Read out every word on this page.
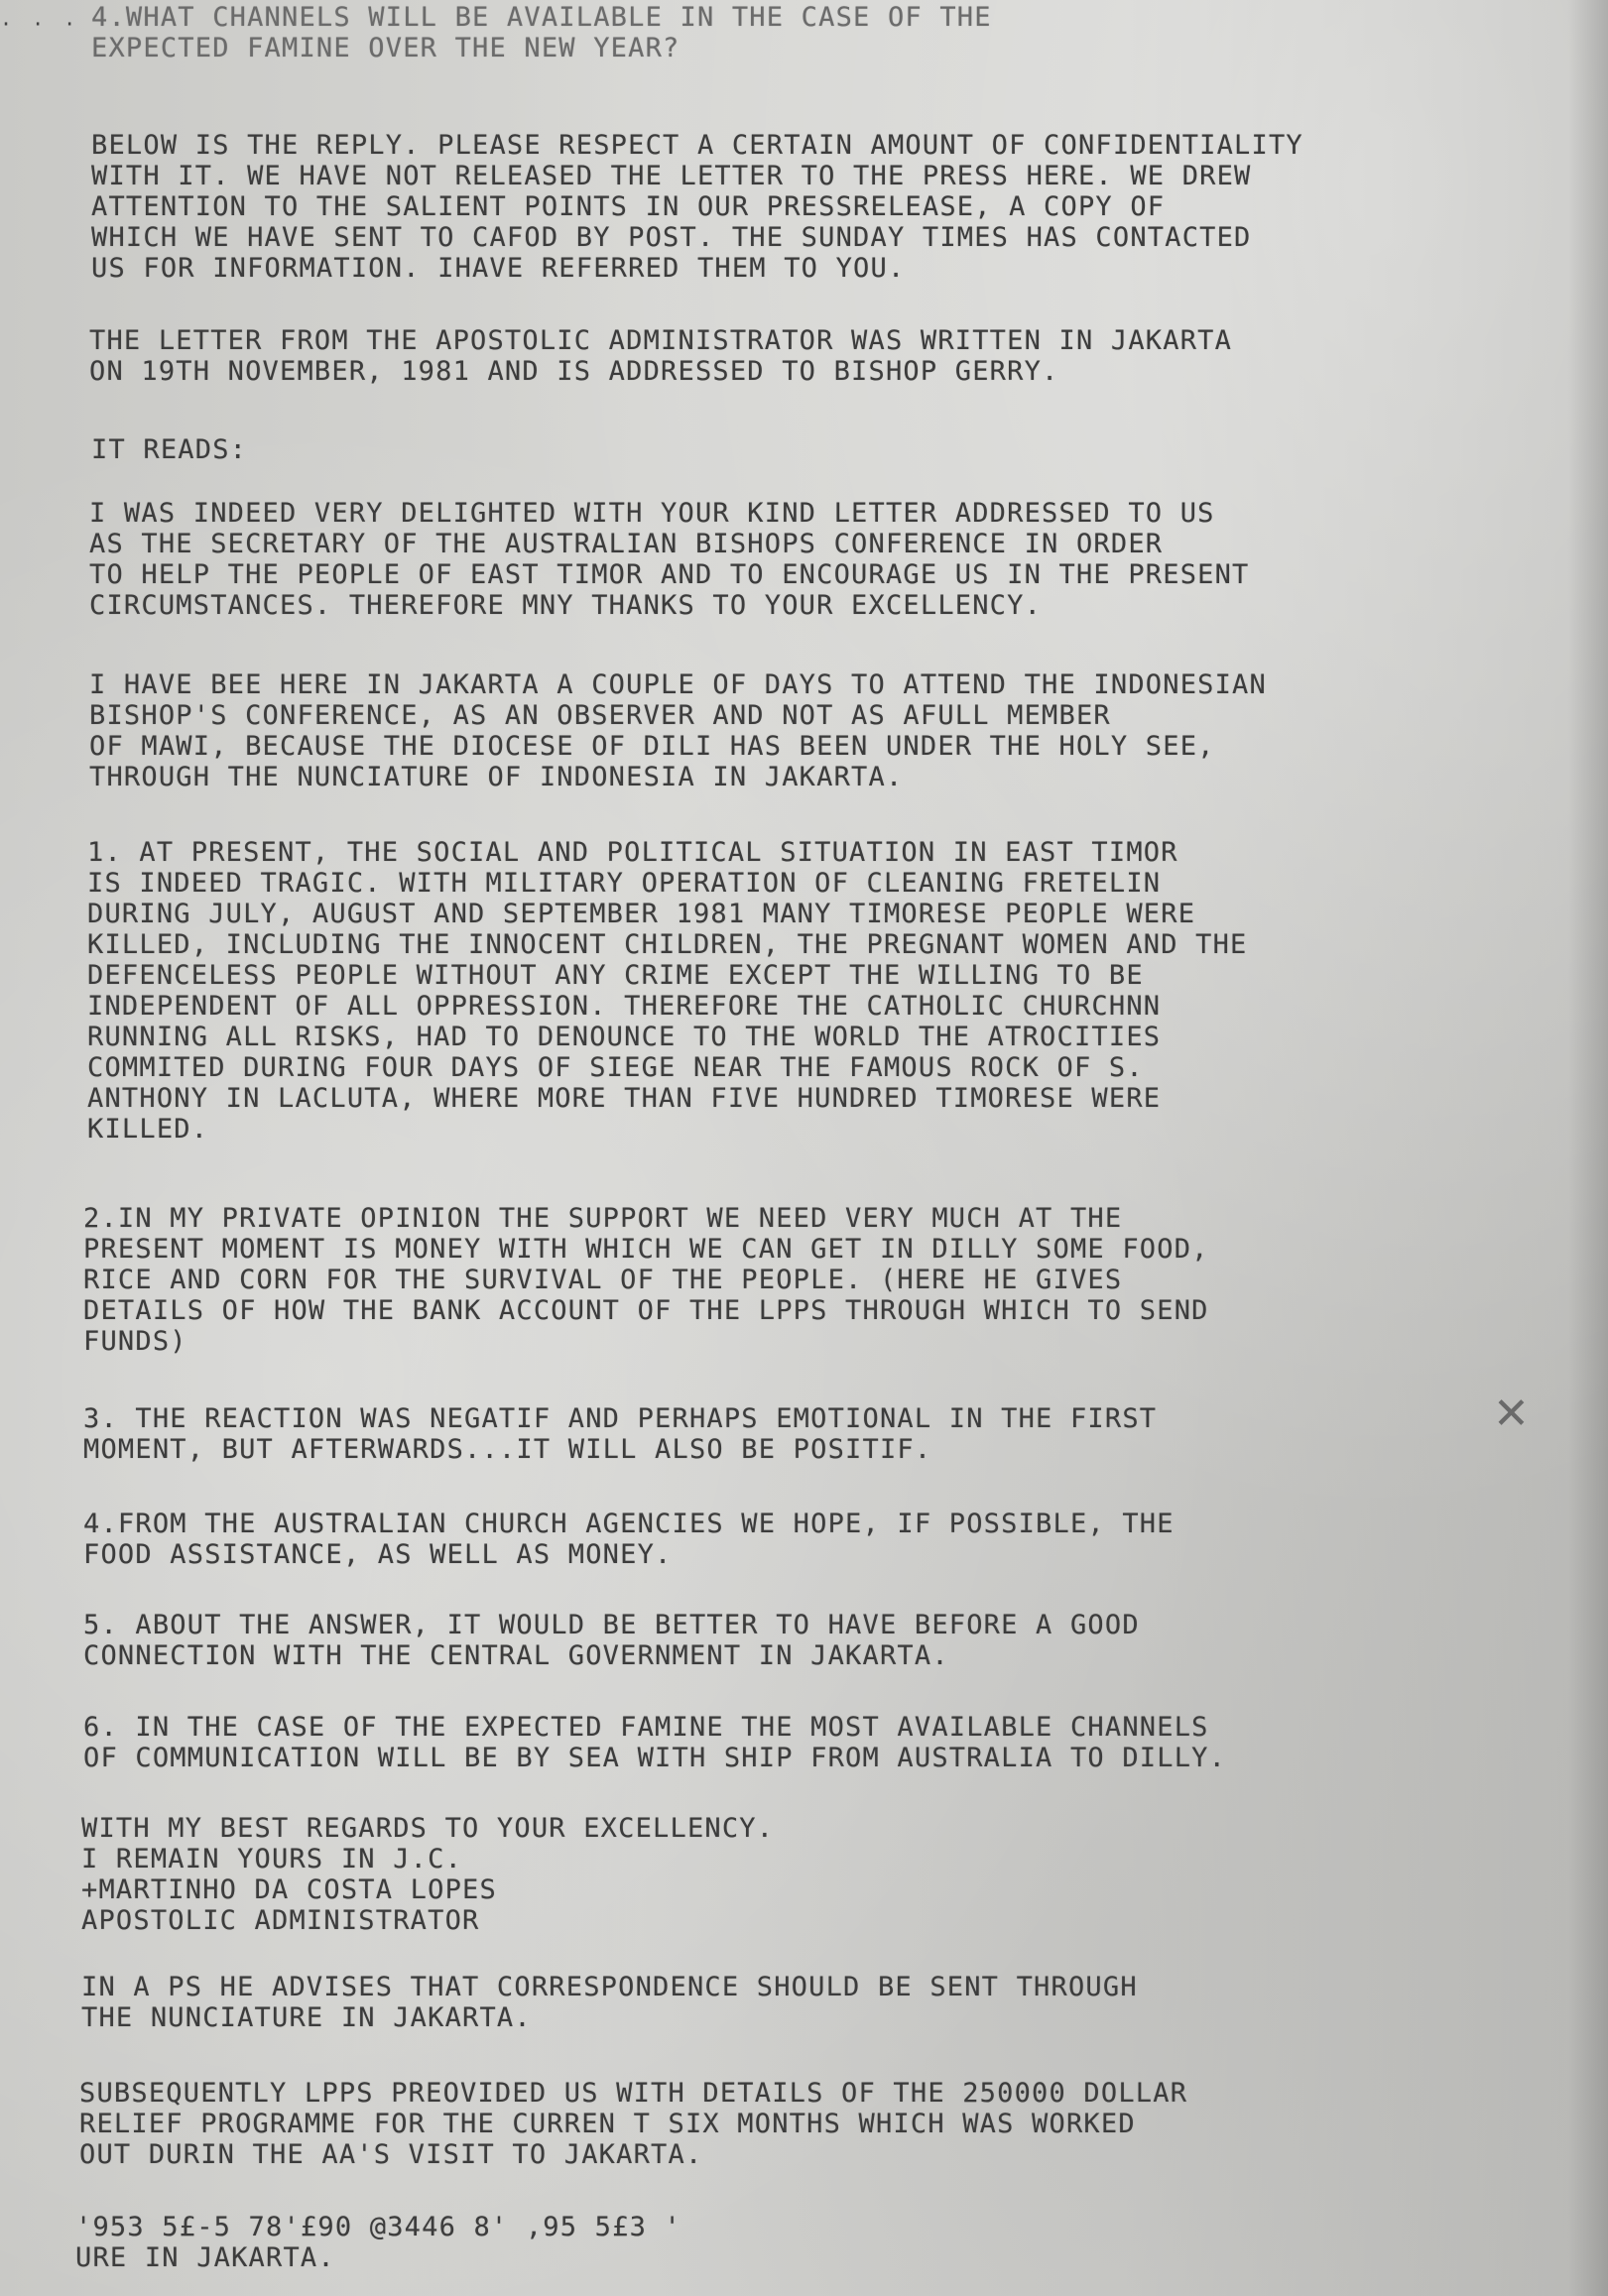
· · · 4.WHAT CHANNELS WILL BE AVAILABLE IN THE CASE OF THE
EXPECTED FAMINE OVER THE NEW YEAR?
BELOW IS THE REPLY. PLEASE RESPECT A CERTAIN AMOUNT OF CONFIDENTIALITY
WITH IT. WE HAVE NOT RELEASED THE LETTER TO THE PRESS HERE. WE DREW
ATTENTION TO THE SALIENT POINTS IN OUR PRESSRELEASE, A COPY OF
WHICH WE HAVE SENT TO CAFOD BY POST. THE SUNDAY TIMES HAS CONTACTED
US FOR INFORMATION. IHAVE REFERRED THEM TO YOU.
THE LETTER FROM THE APOSTOLIC ADMINISTRATOR WAS WRITTEN IN JAKARTA
ON 19TH NOVEMBER, 1981 AND IS ADDRESSED TO BISHOP GERRY.
IT READS:
I WAS INDEED VERY DELIGHTED WITH YOUR KIND LETTER ADDRESSED TO US
AS THE SECRETARY OF THE AUSTRALIAN BISHOPS CONFERENCE IN ORDER
TO HELP THE PEOPLE OF EAST TIMOR AND TO ENCOURAGE US IN THE PRESENT
CIRCUMSTANCES. THEREFORE MNY THANKS TO YOUR EXCELLENCY.
I HAVE BEE HERE IN JAKARTA A COUPLE OF DAYS TO ATTEND THE INDONESIAN
BISHOP'S CONFERENCE, AS AN OBSERVER AND NOT AS AFULL MEMBER
OF MAWI, BECAUSE THE DIOCESE OF DILI HAS BEEN UNDER THE HOLY SEE,
THROUGH THE NUNCIATURE OF INDONESIA IN JAKARTA.
1. AT PRESENT, THE SOCIAL AND POLITICAL SITUATION IN EAST TIMOR
IS INDEED TRAGIC. WITH MILITARY OPERATION OF CLEANING FRETELIN
DURING JULY, AUGUST AND SEPTEMBER 1981 MANY TIMORESE PEOPLE WERE
KILLED, INCLUDING THE INNOCENT CHILDREN, THE PREGNANT WOMEN AND THE
DEFENCELESS PEOPLE WITHOUT ANY CRIME EXCEPT THE WILLING TO BE
INDEPENDENT OF ALL OPPRESSION. THEREFORE THE CATHOLIC CHURCHNN
RUNNING ALL RISKS, HAD TO DENOUNCE TO THE WORLD THE ATROCITIES
COMMITED DURING FOUR DAYS OF SIEGE NEAR THE FAMOUS ROCK OF S.
ANTHONY IN LACLUTA, WHERE MORE THAN FIVE HUNDRED TIMORESE WERE
KILLED.
2.IN MY PRIVATE OPINION THE SUPPORT WE NEED VERY MUCH AT THE
PRESENT MOMENT IS MONEY WITH WHICH WE CAN GET IN DILLY SOME FOOD,
RICE AND CORN FOR THE SURVIVAL OF THE PEOPLE. (HERE HE GIVES
DETAILS OF HOW THE BANK ACCOUNT OF THE LPPS THROUGH WHICH TO SEND
FUNDS)
3. THE REACTION WAS NEGATIF AND PERHAPS EMOTIONAL IN THE FIRST
MOMENT, BUT AFTERWARDS...IT WILL ALSO BE POSITIF.
4.FROM THE AUSTRALIAN CHURCH AGENCIES WE HOPE, IF POSSIBLE, THE
FOOD ASSISTANCE, AS WELL AS MONEY.
5. ABOUT THE ANSWER, IT WOULD BE BETTER TO HAVE BEFORE A GOOD
CONNECTION WITH THE CENTRAL GOVERNMENT IN JAKARTA.
6. IN THE CASE OF THE EXPECTED FAMINE THE MOST AVAILABLE CHANNELS
OF COMMUNICATION WILL BE BY SEA WITH SHIP FROM AUSTRALIA TO DILLY.
WITH MY BEST REGARDS TO YOUR EXCELLENCY.
I REMAIN YOURS IN J.C.
+MARTINHO DA COSTA LOPES
APOSTOLIC ADMINISTRATOR
IN A PS HE ADVISES THAT CORRESPONDENCE SHOULD BE SENT THROUGH
THE NUNCIATURE IN JAKARTA.
SUBSEQUENTLY LPPS PREOVIDED US WITH DETAILS OF THE 250000 DOLLAR
RELIEF PROGRAMME FOR THE CURREN T SIX MONTHS WHICH WAS WORKED
OUT DURIN THE AA'S VISIT TO JAKARTA.
'953 5£-5 78'£90 @3446 8' ,95 5£3 '
URE IN JAKARTA.
✕
